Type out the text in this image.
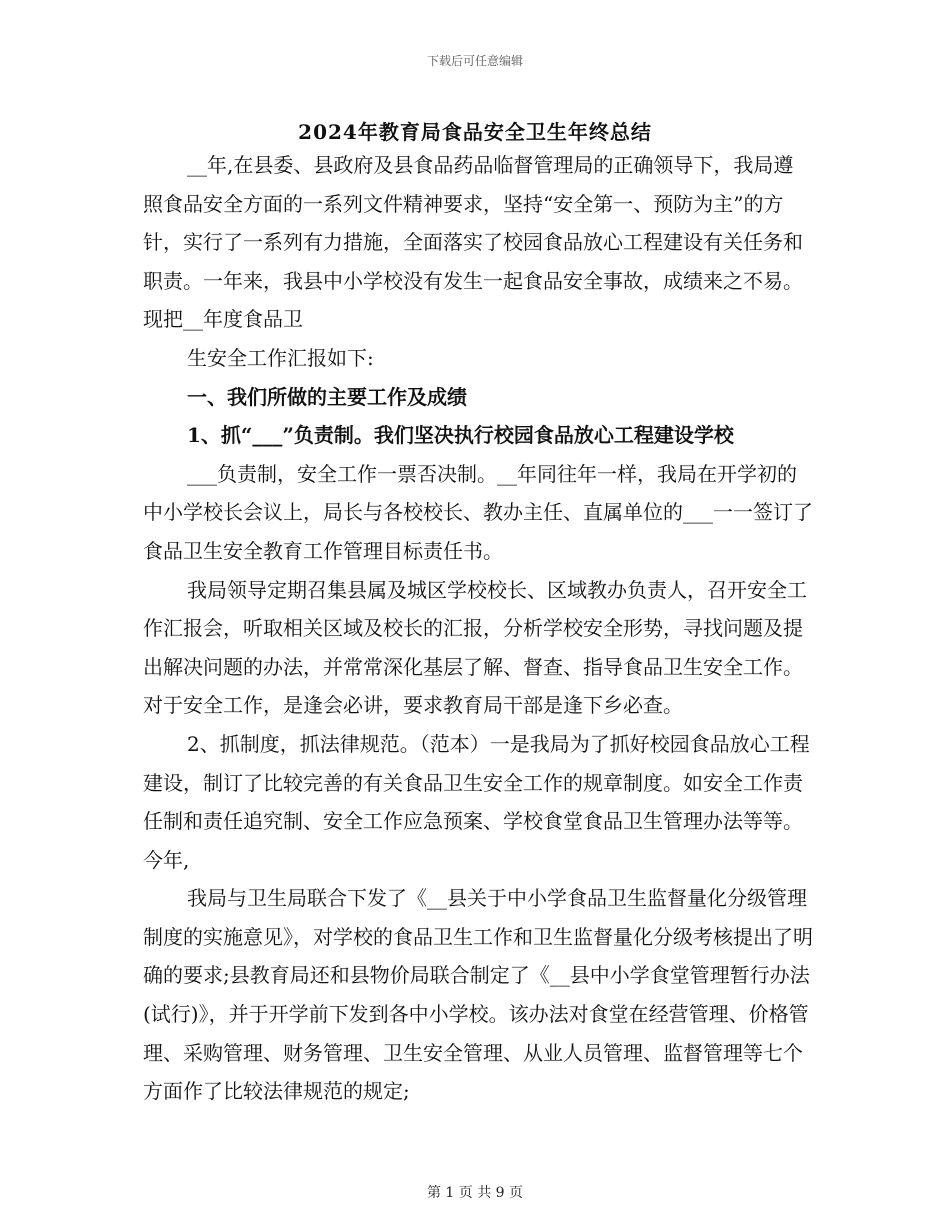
下载后可任意编辑
2024年教育局食品安全卫生年终总结

__年,在县委、县政府及县食品药品临督管理局的正确领导下，我局遵照食品安全方面的一系列文件精神要求，坚持“安全第一、预防为主”的方针，实行了一系列有力措施，全面落实了校园食品放心工程建设有关任务和职责。一年来，我县中小学校没有发生一起食品安全事故，成绩来之不易。现把__年度食品卫

生安全工作汇报如下:

一、我们所做的主要工作及成绩

1、抓“___”负责制。我们坚决执行校园食品放心工程建设学校

___负责制，安全工作一票否决制。__年同往年一样，我局在开学初的中小学校长会议上，局长与各校校长、教办主任、直属单位的___一一签订了食品卫生安全教育工作管理目标责任书。

我局领导定期召集县属及城区学校校长、区域教办负责人，召开安全工作汇报会，听取相关区域及校长的汇报，分析学校安全形势，寻找问题及提出解决问题的办法，并常常深化基层了解、督查、指导食品卫生安全工作。对于安全工作，是逢会必讲，要求教育局干部是逢下乡必查。

2、抓制度，抓法律规范。（范本）一是我局为了抓好校园食品放心工程建设，制订了比较完善的有关食品卫生安全工作的规章制度。如安全工作责任制和责任追究制、安全工作应急预案、学校食堂食品卫生管理办法等等。今年,

我局与卫生局联合下发了《__县关于中小学食品卫生监督量化分级管理制度的实施意见》，对学校的食品卫生工作和卫生监督量化分级考核提出了明确的要求;县教育局还和县物价局联合制定了《__县中小学食堂管理暂行办法(试行)》，并于开学前下发到各中小学校。该办法对食堂在经营管理、价格管理、采购管理、财务管理、卫生安全管理、从业人员管理、监督管理等七个方面作了比较法律规范的规定;

第 1 页 共 9 页
